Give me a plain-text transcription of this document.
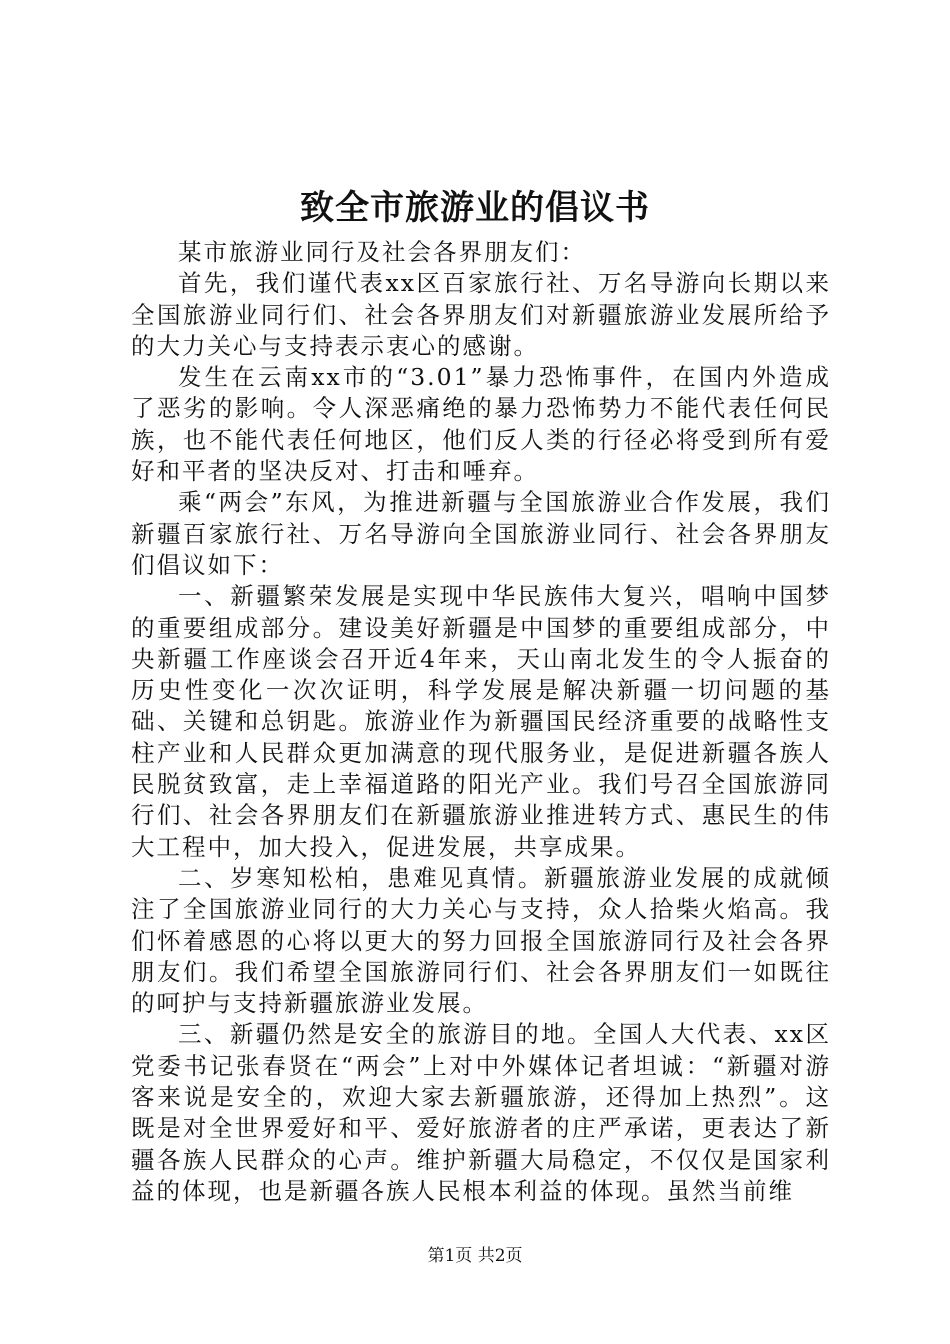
致全市旅游业的倡议书

某市旅游业同行及社会各界朋友们：

首先，我们谨代表xx区百家旅行社、万名导游向长期以来全国旅游业同行们、社会各界朋友们对新疆旅游业发展所给予的大力关心与支持表示衷心的感谢。

发生在云南xx市的“3.01”暴力恐怖事件，在国内外造成了恶劣的影响。令人深恶痛绝的暴力恐怖势力不能代表任何民族，也不能代表任何地区，他们反人类的行径必将受到所有爱好和平者的坚决反对、打击和唾弃。

乘“两会”东风，为推进新疆与全国旅游业合作发展，我们新疆百家旅行社、万名导游向全国旅游业同行、社会各界朋友们倡议如下：

一、新疆繁荣发展是实现中华民族伟大复兴，唱响中国梦的重要组成部分。建设美好新疆是中国梦的重要组成部分，中央新疆工作座谈会召开近4年来，天山南北发生的令人振奋的历史性变化一次次证明，科学发展是解决新疆一切问题的基础、关键和总钥匙。旅游业作为新疆国民经济重要的战略性支柱产业和人民群众更加满意的现代服务业，是促进新疆各族人民脱贫致富，走上幸福道路的阳光产业。我们号召全国旅游同行们、社会各界朋友们在新疆旅游业推进转方式、惠民生的伟大工程中，加大投入，促进发展，共享成果。

二、岁寒知松柏，患难见真情。新疆旅游业发展的成就倾注了全国旅游业同行的大力关心与支持，众人拾柴火焰高。我们怀着感恩的心将以更大的努力回报全国旅游同行及社会各界朋友们。我们希望全国旅游同行们、社会各界朋友们一如既往的呵护与支持新疆旅游业发展。

三、新疆仍然是安全的旅游目的地。全国人大代表、xx区党委书记张春贤在“两会”上对中外媒体记者坦诚：“新疆对游客来说是安全的，欢迎大家去新疆旅游，还得加上热烈”。这既是对全世界爱好和平、爱好旅游者的庄严承诺，更表达了新疆各族人民群众的心声。维护新疆大局稳定，不仅仅是国家利益的体现，也是新疆各族人民根本利益的体现。虽然当前维

第1页 共2页
